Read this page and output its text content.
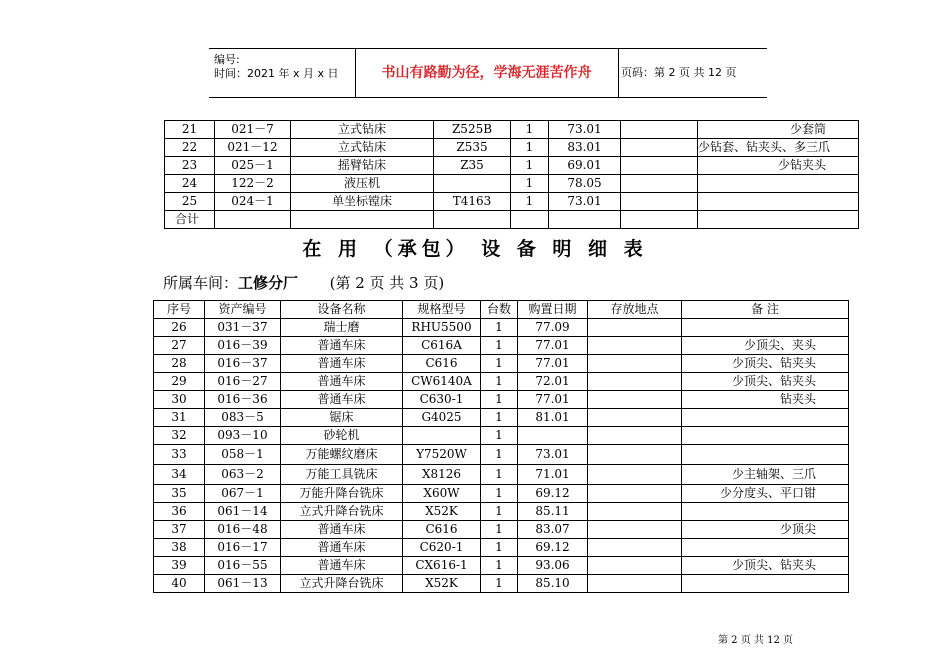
编号:
时间：2021 年 x 月 x 日	书山有路勤为径，学海无涯苦作舟	页码：第 2 页 共 12 页
21	021－7	立式钻床	Z525B	1	73.01		少套筒
22	021－12	立式钻床	Z535	1	83.01		少钻套、钻夹头、多三爪
23	025－1	摇臂钻床	Z35	1	69.01		少钻夹头
24	122－2	液压机		1	78.05		
25	024－1	单坐标镗床	T4163	1	73.01		
合计							
在 用 （承包） 设 备 明 细 表
所属车间：工修分厂 (第 2 页 共 3 页)
序号	资产编号	设备名称	规格型号	台数	购置日期	存放地点	备 注
26	031－37	瑞士磨	RHU5500	1	77.09		
27	016－39	普通车床	C616A	1	77.01		少顶尖、夹头
28	016－37	普通车床	C616	1	77.01		少顶尖、钻夹头
29	016－27	普通车床	CW6140A	1	72.01		少顶尖、钻夹头
30	016－36	普通车床	C630-1	1	77.01		钻夹头
31	083－5	锯床	G4025	1	81.01		
32	093－10	砂轮机		1			
33	058－1	万能螺纹磨床	Y7520W	1	73.01		
34	063－2	万能工具铣床	X8126	1	71.01		少主轴架、三爪
35	067－1	万能升降台铣床	X60W	1	69.12		少分度头、平口钳
36	061－14	立式升降台铣床	X52K	1	85.11		
37	016－48	普通车床	C616	1	83.07		少顶尖
38	016－17	普通车床	C620-1	1	69.12		
39	016－55	普通车床	CX616-1	1	93.06		少顶尖、钻夹头
40	061－13	立式升降台铣床	X52K	1	85.10		
第 2 页 共 12 页
